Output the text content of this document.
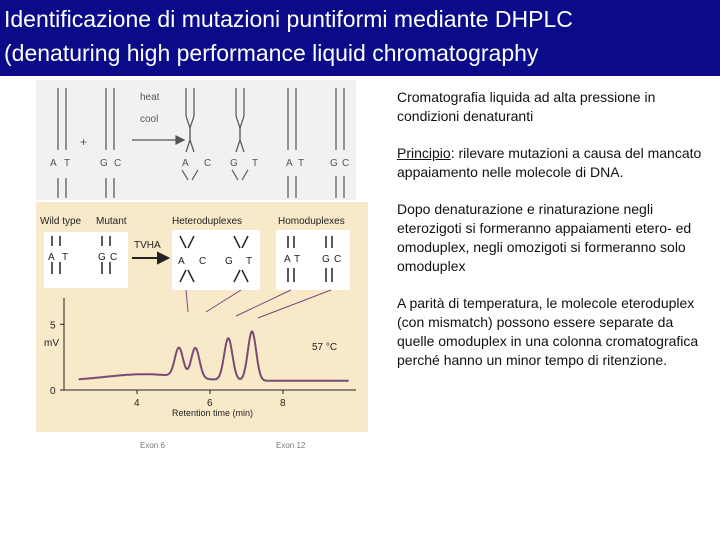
Identificazione di mutazioni puntiformi mediante DHPLC
(denaturing high performance liquid chromatography
A T	G C
+
heat
cool
A C G T	A T	G C
Wild type Mutant	Heteroduplexes	Homoduplexes
A T	G C
TVHA
A C G T	A T G C
mV
Retention time (min)
57 °C
4	6	8
0
5
Exon 6	Exon 12

Cromatografia liquida ad alta pressione in condizioni denaturanti

Principio: rilevare mutazioni a causa del mancato appaiamento nelle molecole di DNA.

Dopo denaturazione e rinaturazione negli eterozigoti si formeranno appaiamenti etero- ed omoduplex, negli omozigoti si formeranno solo omoduplex

A parità di temperatura, le molecole eteroduplex (con mismatch) possono essere separate da quelle omoduplex in una colonna cromatografica perché hanno un minor tempo di ritenzione.
